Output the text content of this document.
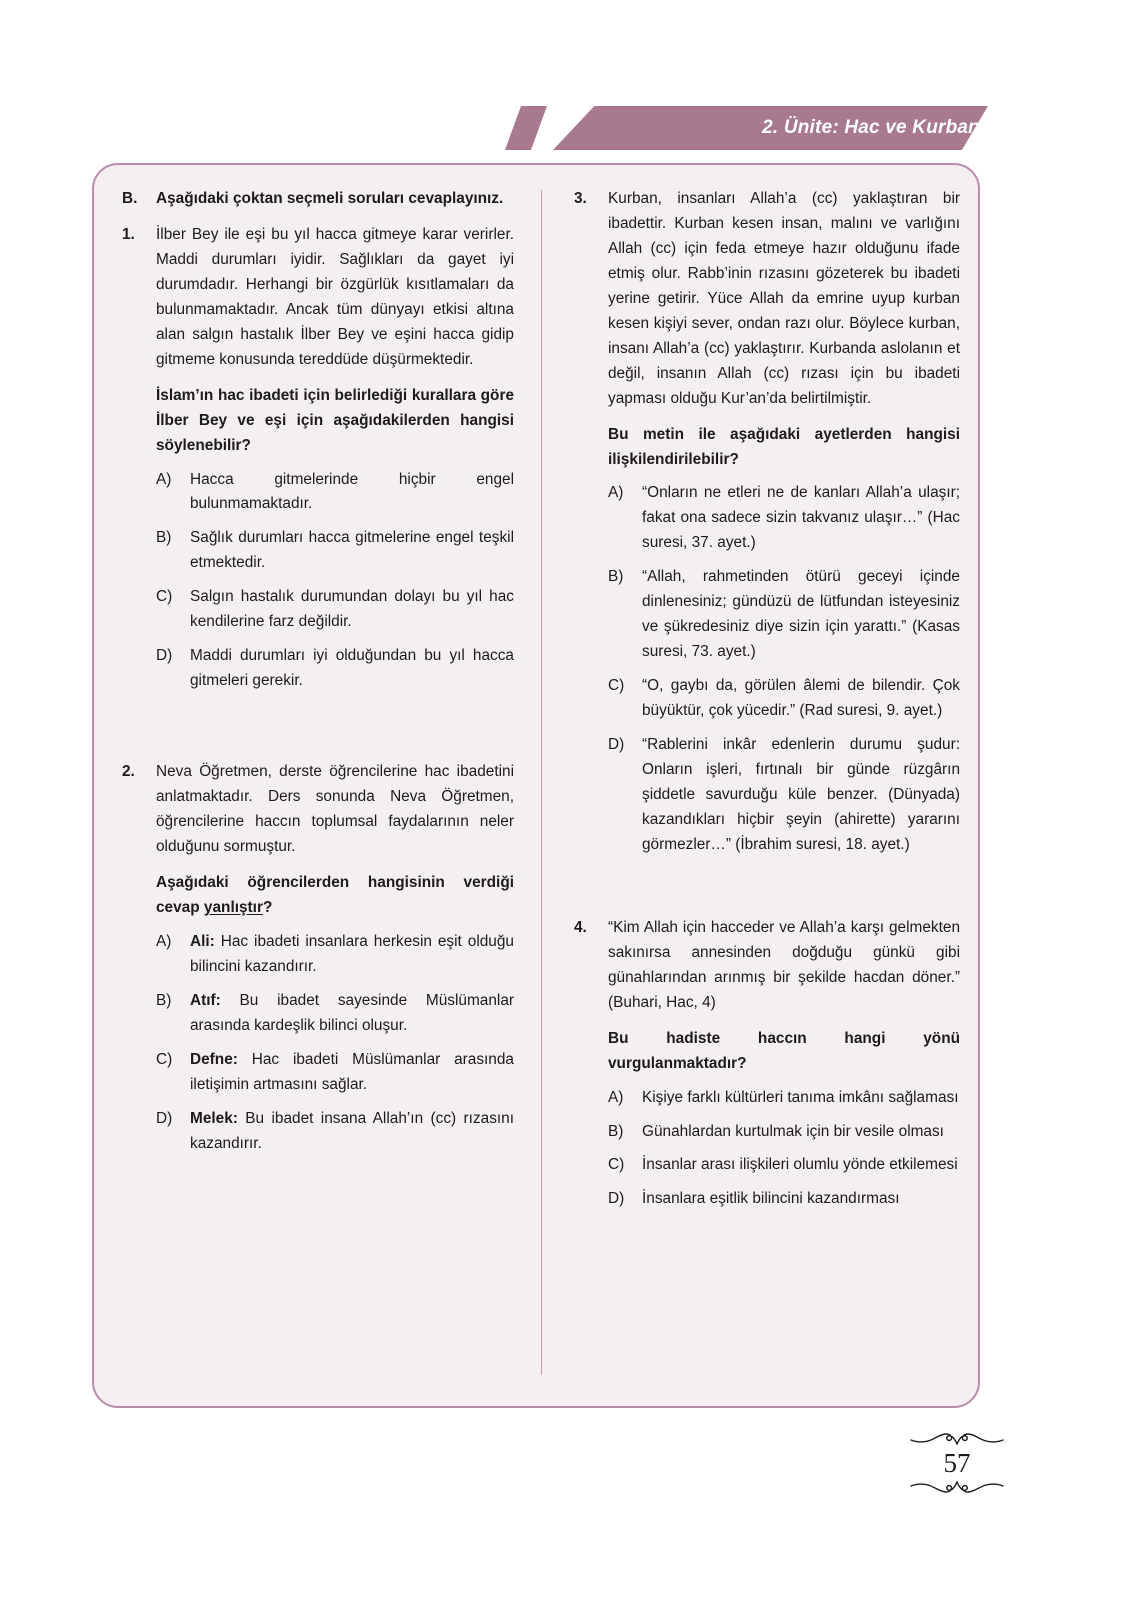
2. Ünite: Hac ve Kurban
B.	Aşağıdaki çoktan seçmeli soruları cevaplayınız.

1.	İlber Bey ile eşi bu yıl hacca gitmeye karar verirler. Maddi durumları iyidir. Sağlıkları da gayet iyi durumdadır. Herhangi bir özgürlük kısıtlamaları da bulunmamaktadır. Ancak tüm dünyayı etkisi altına alan salgın hastalık İlber Bey ve eşini hacca gidip gitmeme konusunda tereddüde düşürmektedir.

İslam’ın hac ibadeti için belirlediği kurallara göre İlber Bey ve eşi için aşağıdakilerden hangisi söylenebilir?

A)	Hacca gitmelerinde hiçbir engel bulunmamaktadır.
B)	Sağlık durumları hacca gitmelerine engel teşkil etmektedir.
C)	Salgın hastalık durumundan dolayı bu yıl hac kendilerine farz değildir.
D)	Maddi durumları iyi olduğundan bu yıl hacca gitmeleri gerekir.
2.	Neva Öğretmen, derste öğrencilerine hac ibadetini anlatmaktadır. Ders sonunda Neva Öğretmen, öğrencilerine haccın toplumsal faydalarının neler olduğunu sormuştur.

Aşağıdaki öğrencilerden hangisinin verdiği cevap yanlıştır?

A)	Ali: Hac ibadeti insanlara herkesin eşit olduğu bilincini kazandırır.
B)	Atıf: Bu ibadet sayesinde Müslümanlar arasında kardeşlik bilinci oluşur.
C)	Defne: Hac ibadeti Müslümanlar arasında iletişimin artmasını sağlar.
D)	Melek: Bu ibadet insana Allah’ın (cc) rızasını kazandırır.
3.	Kurban, insanları Allah’a (cc) yaklaştıran bir ibadettir. Kurban kesen insan, malını ve varlığını Allah (cc) için feda etmeye hazır olduğunu ifade etmiş olur. Rabb’inin rızasını gözeterek bu ibadeti yerine getirir. Yüce Allah da emrine uyup kurban kesen kişiyi sever, ondan razı olur. Böylece kurban, insanı Allah’a (cc) yaklaştırır. Kurbanda aslolanın et değil, insanın Allah (cc) rızası için bu ibadeti yapması olduğu Kur’an’da belirtilmiştir.

Bu metin ile aşağıdaki ayetlerden hangisi ilişkilendirilebilir?

A)	“Onların ne etleri ne de kanları Allah’a ulaşır; fakat ona sadece sizin takvanız ulaşır…” (Hac suresi, 37. ayet.)
B)	“Allah, rahmetinden ötürü geceyi içinde dinlenesiniz; gündüzü de lütfundan isteyesiniz ve şükredesiniz diye sizin için yarattı.” (Kasas suresi, 73. ayet.)
C)	“O, gaybı da, görülen âlemi de bilendir. Çok büyüktür, çok yücedir.” (Rad suresi, 9. ayet.)
D)	“Rablerini inkâr edenlerin durumu şudur: Onların işleri, fırtınalı bir günde rüzgârın şiddetle savurduğu küle benzer. (Dünyada) kazandıkları hiçbir şeyin (ahirette) yararını görmezler…” (İbrahim suresi, 18. ayet.)
4.	“Kim Allah için hacceder ve Allah’a karşı gelmekten sakınırsa annesinden doğduğu günkü gibi günahlarından arınmış bir şekilde hacdan döner.” (Buhari, Hac, 4)

Bu hadiste haccın hangi yönü vurgulanmaktadır?

A)	Kişiye farklı kültürleri tanıma imkânı sağlaması
B)	Günahlardan kurtulmak için bir vesile olması
C)	İnsanlar arası ilişkileri olumlu yönde etkilemesi
D)	İnsanlara eşitlik bilincini kazandırması
57
